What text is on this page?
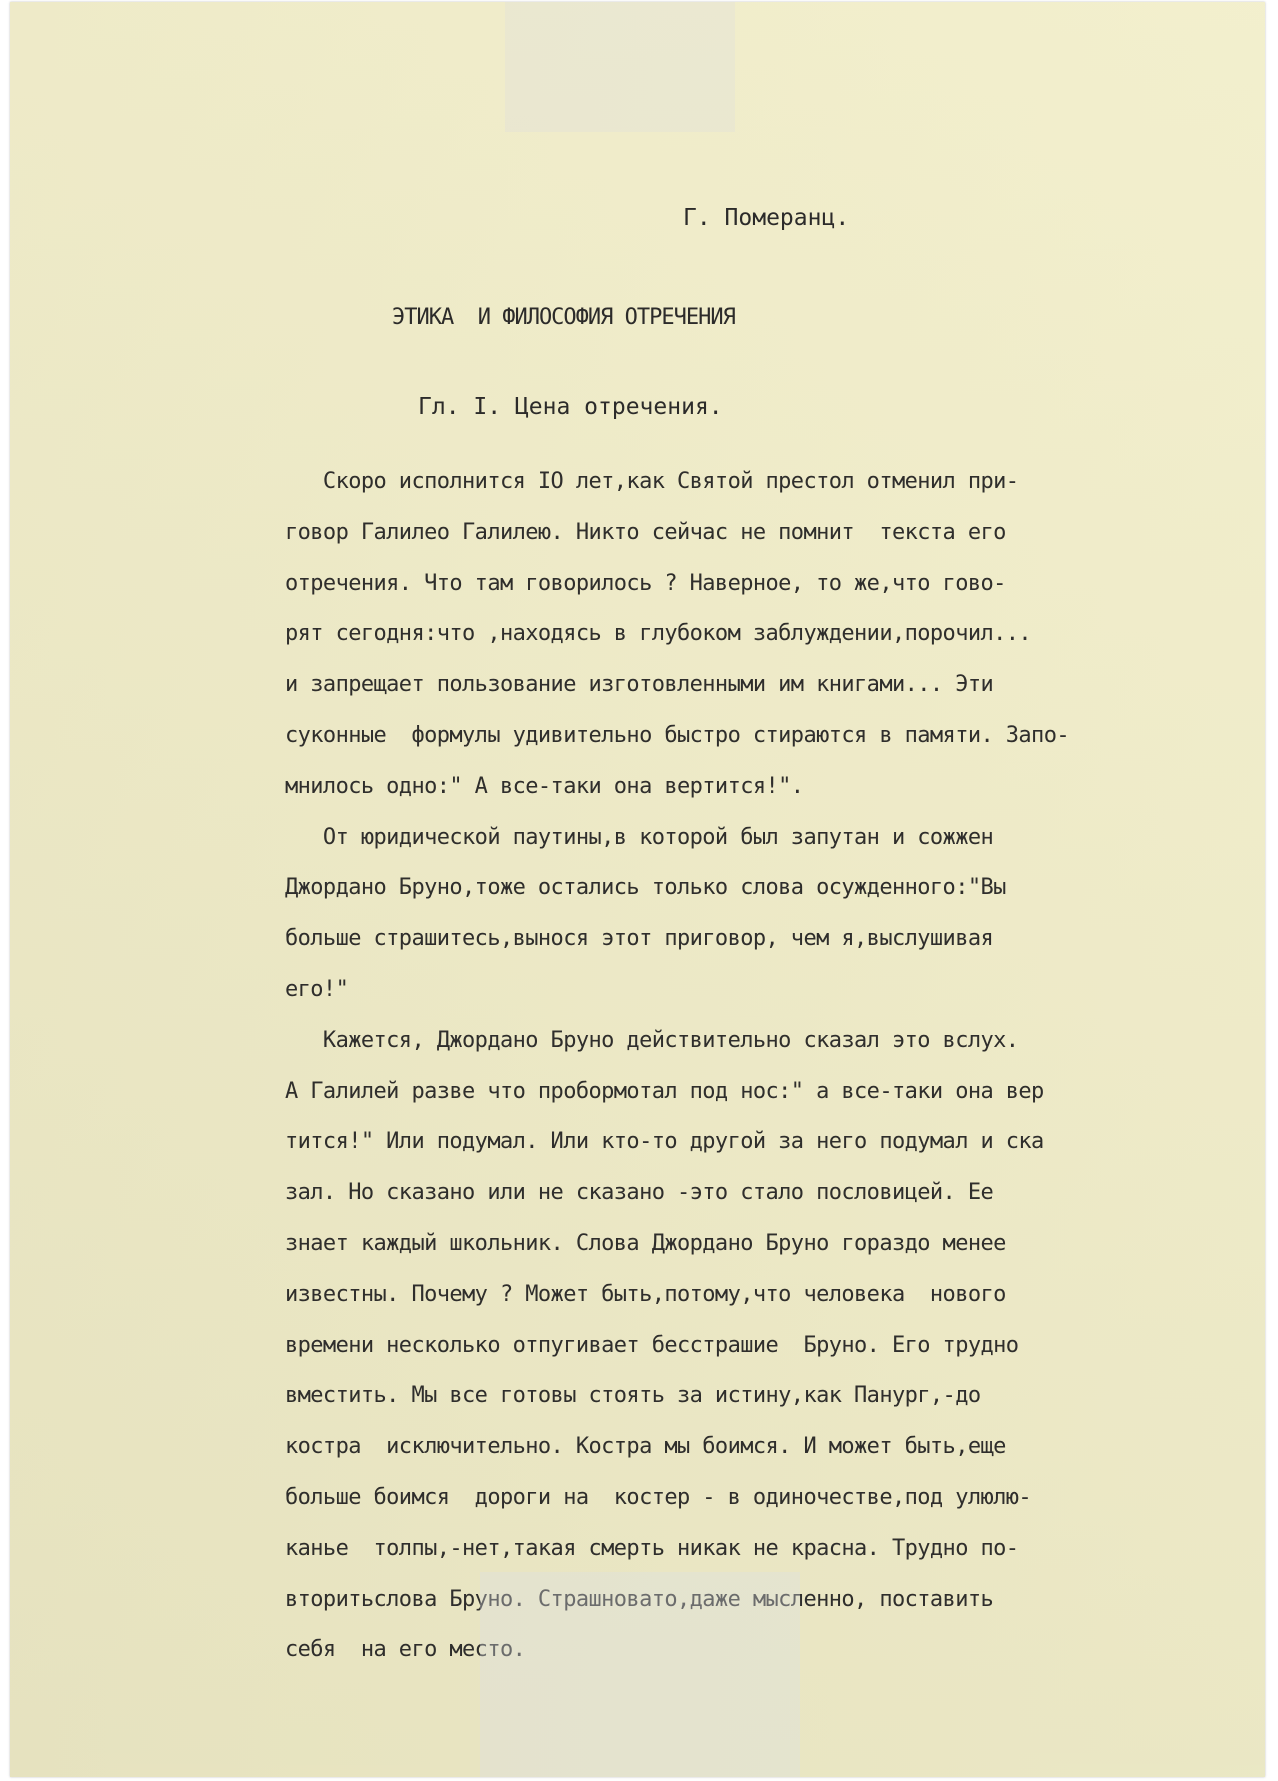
Г. Померанц.
ЭТИКА  И ФИЛОСОФИЯ ОТРЕЧЕНИЯ
Гл. I. Цена отречения.
Скоро исполнится IO лет,как Святой престол отменил при-
говор Галилео Галилею. Никто сейчас не помнит  текста его
отречения. Что там говорилось ? Наверное, то же,что гово-
рят сегодня:что ,находясь в глубоком заблуждении,порочил...
и запрещает пользование изготовленными им книгами... Эти
суконные  формулы удивительно быстро стираются в памяти. Запо-
мнилось одно:" А все-таки она вертится!".
От юридической паутины,в которой был запутан и сожжен
Джордано Бруно,тоже остались только слова осужденного:"Вы
больше страшитесь,вынося этот приговор, чем я,выслушивая
его!"
Кажется, Джордано Бруно действительно сказал это вслух.
А Галилей разве что пробормотал под нос:" а все-таки она вер
тится!" Или подумал. Или кто-то другой за него подумал и ска
зал. Но сказано или не сказано -это стало пословицей. Ее
знает каждый школьник. Слова Джордано Бруно гораздо менее
известны. Почему ? Может быть,потому,что человека  нового
времени несколько отпугивает бесстрашие  Бруно. Его трудно
вместить. Мы все готовы стоять за истину,как Панург,-до
костра  исключительно. Костра мы боимся. И может быть,еще
больше боимся  дороги на  костер - в одиночестве,под улюлю-
канье  толпы,-нет,такая смерть никак не красна. Трудно по-
вторитьслова Бруно. Страшновато,даже мысленно, поставить
себя  на его место.
